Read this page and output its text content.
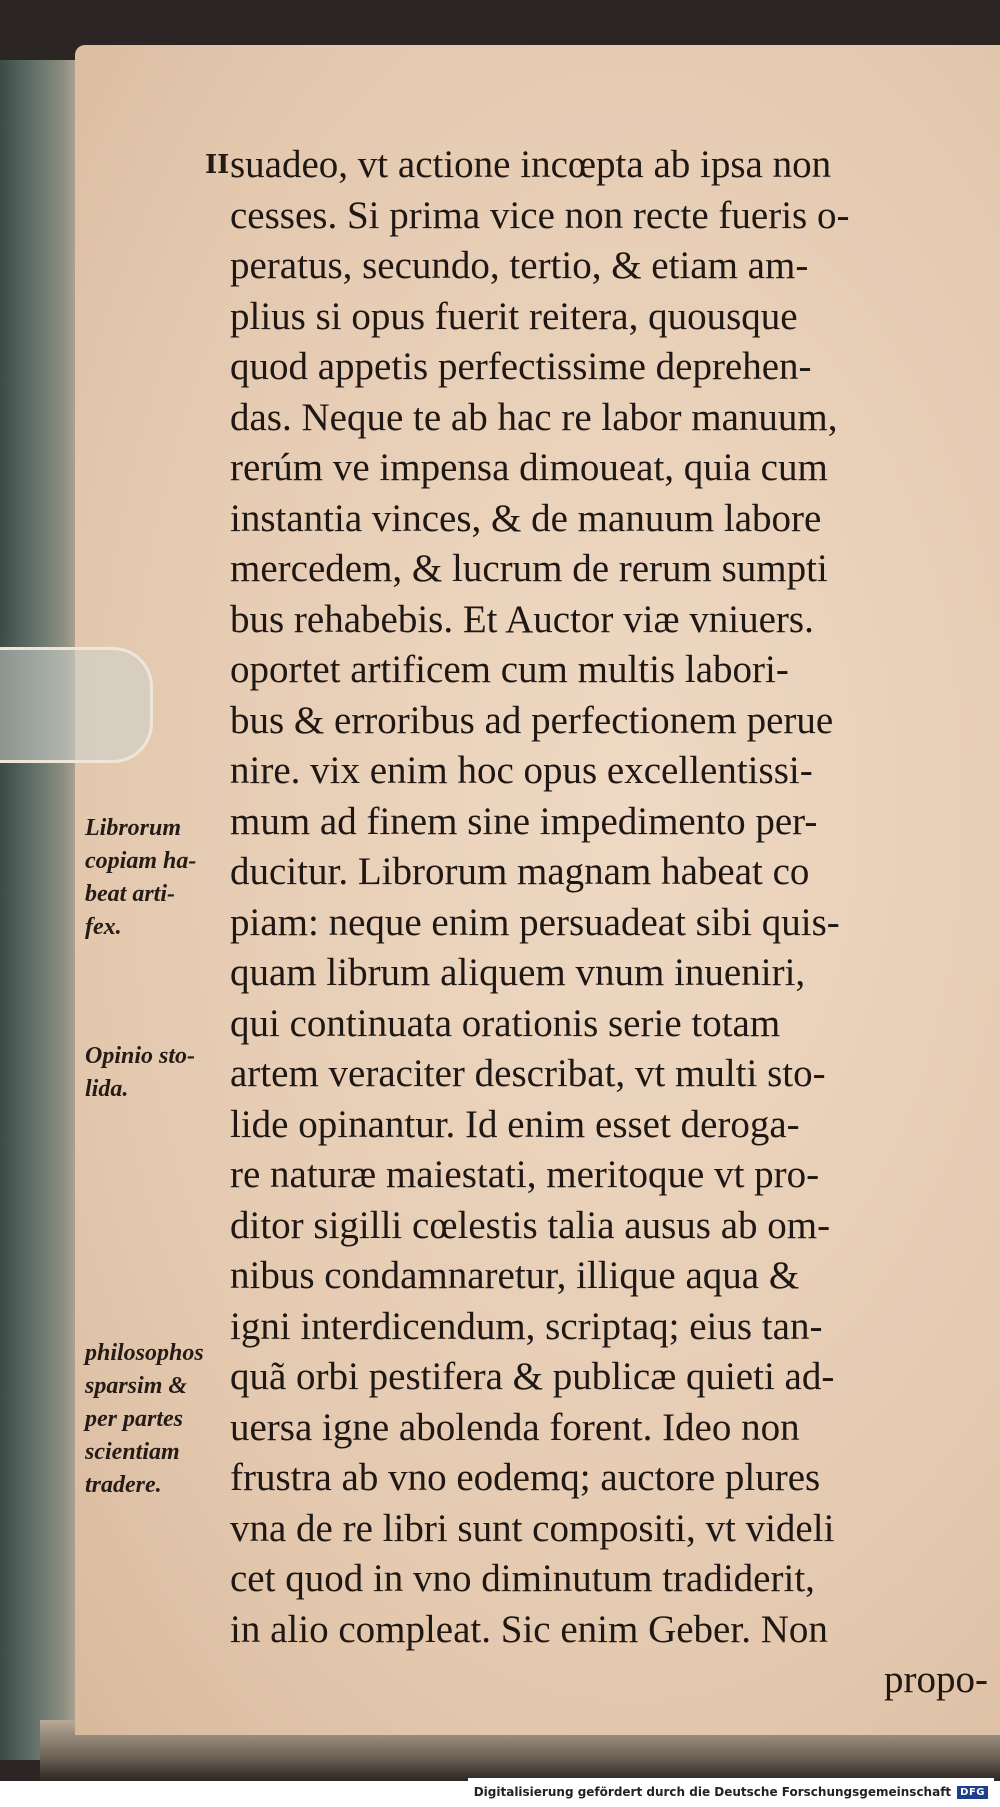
II suadeo, vt actione incœpta ab ipsa non
cesses. Si prima vice non recte fueris o-
peratus, secundo, tertio, & etiam am-
plius si opus fuerit reitera, quousque
quod appetis perfectissime deprehen-
das. Neque te ab hac re labor manuum,
rerúm ve impensa dimoueat, quia cum
instantia vinces, & de manuum labore
mercedem, & lucrum de rerum sumpti
bus rehabebis. Et Auctor viæ vniuers.
oportet artificem cum multis labori-
bus & erroribus ad perfectionem perue
nire. vix enim hoc opus excellentissi-
mum ad finem sine impedimento per-
ducitur. Librorum magnam habeat co
piam: neque enim persuadeat sibi quis-
quam librum aliquem vnum inueniri,
qui continuata orationis serie totam
artem veraciter describat, vt multi sto-
lide opinantur. Id enim esset deroga-
re naturæ maiestati, meritoque vt pro-
ditor sigilli cœlestis talia ausus ab om-
nibus condamnaretur, illique aqua &
igni interdicendum, scriptaq; eius tan-
quã orbi pestifera & publicæ quieti ad-
uersa igne abolenda forent. Ideo non
frustra ab vno eodemq; auctore plures
vna de re libri sunt compositi, vt videli
cet quod in vno diminutum tradiderit,
in alio compleat. Sic enim Geber. Non
propo-
Librorum
copiam ha-
beat arti-
fex.
Opinio sto-
lida.
philosophos
sparsim &
per partes
scientiam
tradere.
Digitalisierung gefördert durch die Deutsche Forschungsgemeinschaft DFG
